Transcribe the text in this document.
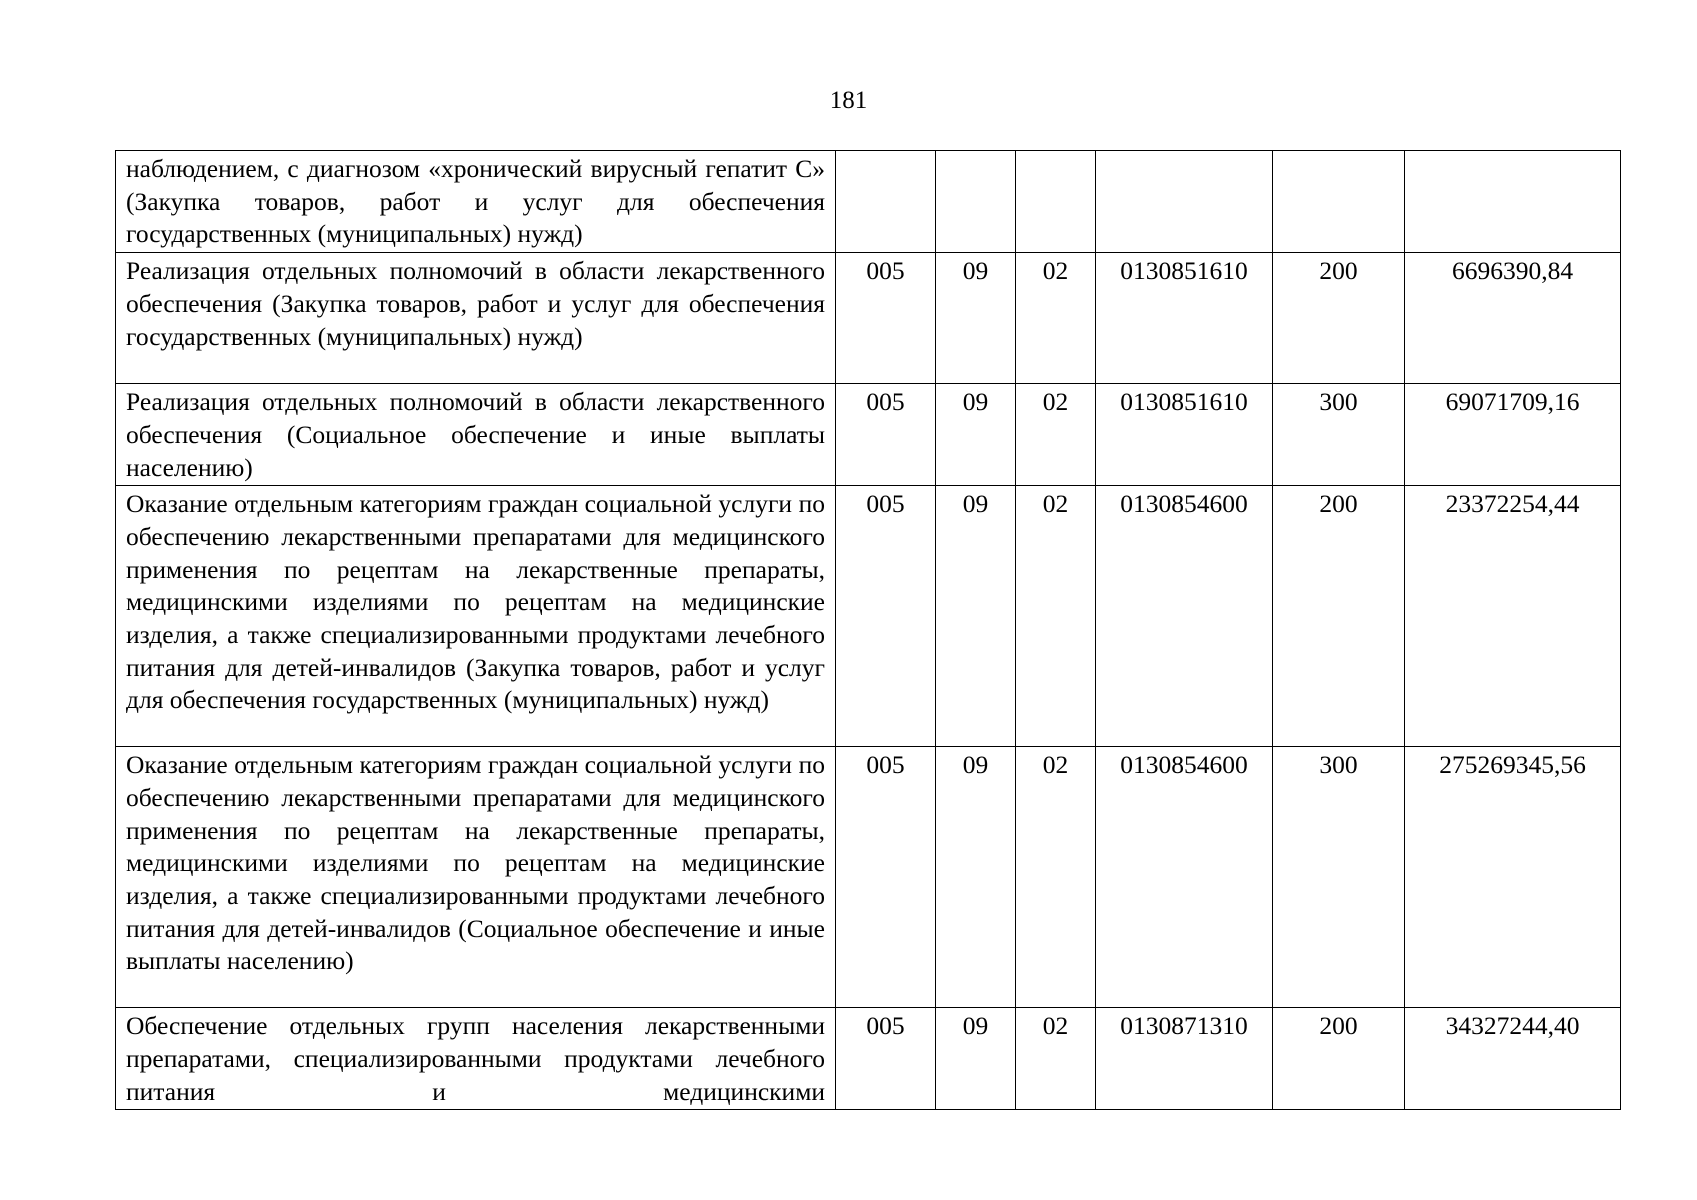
181
наблюдением, с диагнозом «хронический вирусный гепатит С» (Закупка товаров, работ и услуг для обеспечения государственных (муниципальных) нужд)						
Реализация отдельных полномочий в области лекарственного обеспечения (Закупка товаров, работ и услуг для обеспечения государственных (муниципальных) нужд)	005	09	02	0130851610	200	6696390,84
Реализация отдельных полномочий в области лекарственного обеспечения (Социальное обеспечение и иные выплаты населению)	005	09	02	0130851610	300	69071709,16
Оказание отдельным категориям граждан социальной услуги по обеспечению лекарственными препаратами для медицинского применения по рецептам на лекарственные препараты, медицинскими изделиями по рецептам на медицинские изделия, а также специализированными продуктами лечебного питания для детей-инвалидов (Закупка товаров, работ и услуг для обеспечения государственных (муниципальных) нужд)	005	09	02	0130854600	200	23372254,44
Оказание отдельным категориям граждан социальной услуги по обеспечению лекарственными препаратами для медицинского применения по рецептам на лекарственные препараты, медицинскими изделиями по рецептам на медицинские изделия, а также специализированными продуктами лечебного питания для детей-инвалидов (Социальное обеспечение и иные выплаты населению)	005	09	02	0130854600	300	275269345,56
Обеспечение отдельных групп населения лекарственными препаратами, специализированными продуктами лечебного питания и медицинскими	005	09	02	0130871310	200	34327244,40
